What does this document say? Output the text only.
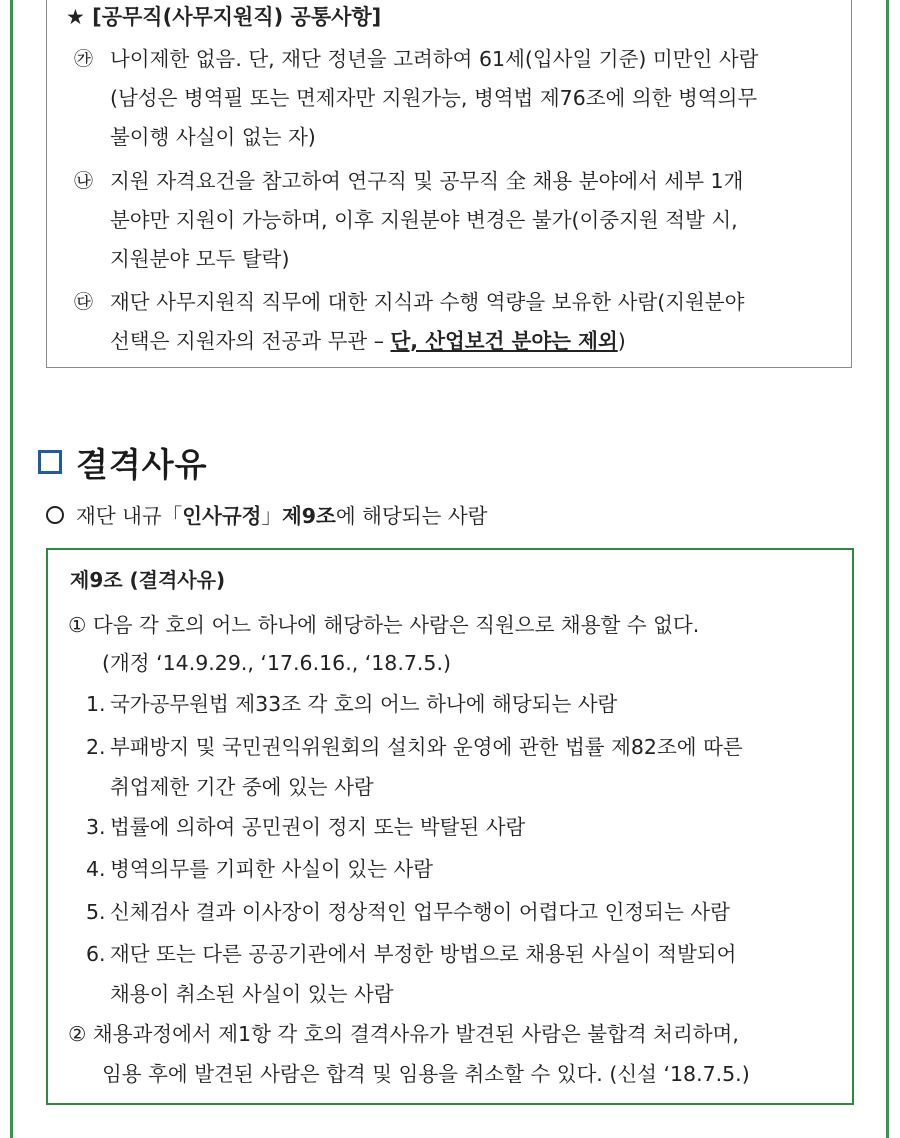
★ [공무직(사무지원직) 공통사항]
㉮ 나이제한 없음. 단, 재단 정년을 고려하여 61세(입사일 기준) 미만인 사람
(남성은 병역필 또는 면제자만 지원가능, 병역법 제76조에 의한 병역의무
불이행 사실이 없는 자)
㉯ 지원 자격요건을 참고하여 연구직 및 공무직 全 채용 분야에서 세부 1개
분야만 지원이 가능하며, 이후 지원분야 변경은 불가(이중지원 적발 시,
지원분야 모두 탈락)
㉰ 재단 사무지원직 직무에 대한 지식과 수행 역량을 보유한 사람(지원분야
선택은 지원자의 전공과 무관 – 단, 산업보건 분야는 제외)
결격사유
재단 내규「인사규정」제9조에 해당되는 사람
제9조 (결격사유)
① 다음 각 호의 어느 하나에 해당하는 사람은 직원으로 채용할 수 없다.
(개정 ‘14.9.29., ‘17.6.16., ‘18.7.5.)
1. 국가공무원법 제33조 각 호의 어느 하나에 해당되는 사람
2. 부패방지 및 국민권익위원회의 설치와 운영에 관한 법률 제82조에 따른
취업제한 기간 중에 있는 사람
3. 법률에 의하여 공민권이 정지 또는 박탈된 사람
4. 병역의무를 기피한 사실이 있는 사람
5. 신체검사 결과 이사장이 정상적인 업무수행이 어렵다고 인정되는 사람
6. 재단 또는 다른 공공기관에서 부정한 방법으로 채용된 사실이 적발되어
채용이 취소된 사실이 있는 사람
② 채용과정에서 제1항 각 호의 결격사유가 발견된 사람은 불합격 처리하며,
임용 후에 발견된 사람은 합격 및 임용을 취소할 수 있다. (신설 ‘18.7.5.)
